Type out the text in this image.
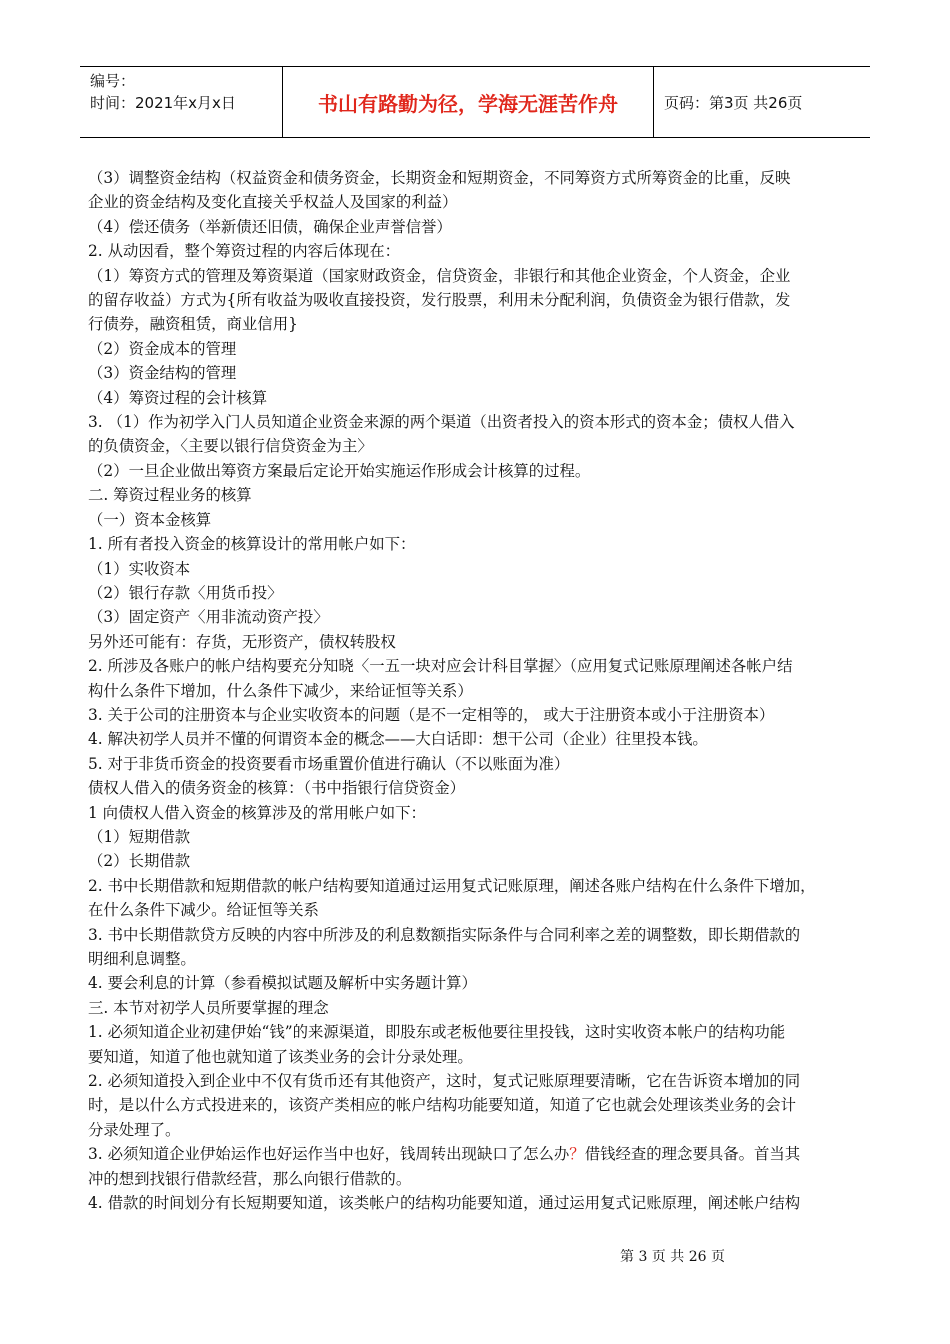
编号：
时间：2021年x月x日	书山有路勤为径，学海无涯苦作舟	页码：第3页 共26页

（3）调整资金结构（权益资金和债务资金，长期资金和短期资金，不同筹资方式所筹资金的比重，反映

企业的资金结构及变化直接关乎权益人及国家的利益）

（4）偿还债务（举新债还旧债，确保企业声誉信誉）

2. 从动因看，整个筹资过程的内容后体现在：

（1）筹资方式的管理及筹资渠道（国家财政资金，信贷资金，非银行和其他企业资金，个人资金，企业

的留存收益）方式为{所有收益为吸收直接投资，发行股票，利用未分配利润，负债资金为银行借款，发

行债券，融资租赁，商业信用}

（2）资金成本的管理

（3）资金结构的管理

（4）筹资过程的会计核算

3. （1）作为初学入门人员知道企业资金来源的两个渠道（出资者投入的资本形式的资本金；债权人借入

的负债资金，〈主要以银行信贷资金为主〉

（2）一旦企业做出筹资方案最后定论开始实施运作形成会计核算的过程。

二. 筹资过程业务的核算

（一）资本金核算

1. 所有者投入资金的核算设计的常用帐户如下：

（1）实收资本

（2）银行存款〈用货币投〉

（3）固定资产〈用非流动资产投〉

另外还可能有：存货，无形资产，债权转股权

2. 所涉及各账户的帐户结构要充分知晓〈一五一块对应会计科目掌握〉（应用复式记账原理阐述各帐户结

构什么条件下增加，什么条件下减少，来给证恒等关系）

3. 关于公司的注册资本与企业实收资本的问题（是不一定相等的， 或大于注册资本或小于注册资本）

4. 解决初学人员并不懂的何谓资本金的概念——大白话即：想干公司（企业）往里投本钱。

5. 对于非货币资金的投资要看市场重置价值进行确认（不以账面为准）

债权人借入的债务资金的核算：（书中指银行信贷资金）

1 向债权人借入资金的核算涉及的常用帐户如下：

（1）短期借款

（2）长期借款

2. 书中长期借款和短期借款的帐户结构要知道通过运用复式记账原理，阐述各账户结构在什么条件下增加，

在什么条件下减少。给证恒等关系

3. 书中长期借款贷方反映的内容中所涉及的利息数额指实际条件与合同利率之差的调整数，即长期借款的

明细利息调整。

4. 要会利息的计算（参看模拟试题及解析中实务题计算）

三. 本节对初学人员所要掌握的理念

1. 必须知道企业初建伊始“钱”的来源渠道，即股东或老板他要往里投钱，这时实收资本帐户的结构功能

要知道，知道了他也就知道了该类业务的会计分录处理。

2. 必须知道投入到企业中不仅有货币还有其他资产，这时，复式记账原理要清晰，它在告诉资本增加的同

时，是以什么方式投进来的，该资产类相应的帐户结构功能要知道，知道了它也就会处理该类业务的会计

分录处理了。

3. 必须知道企业伊始运作也好运作当中也好，钱周转出现缺口了怎么办？借钱经查的理念要具备。首当其

冲的想到找银行借款经营，那么向银行借款的。

4. 借款的时间划分有长短期要知道，该类帐户的结构功能要知道，通过运用复式记账原理，阐述帐户结构

第 3 页 共 26 页
